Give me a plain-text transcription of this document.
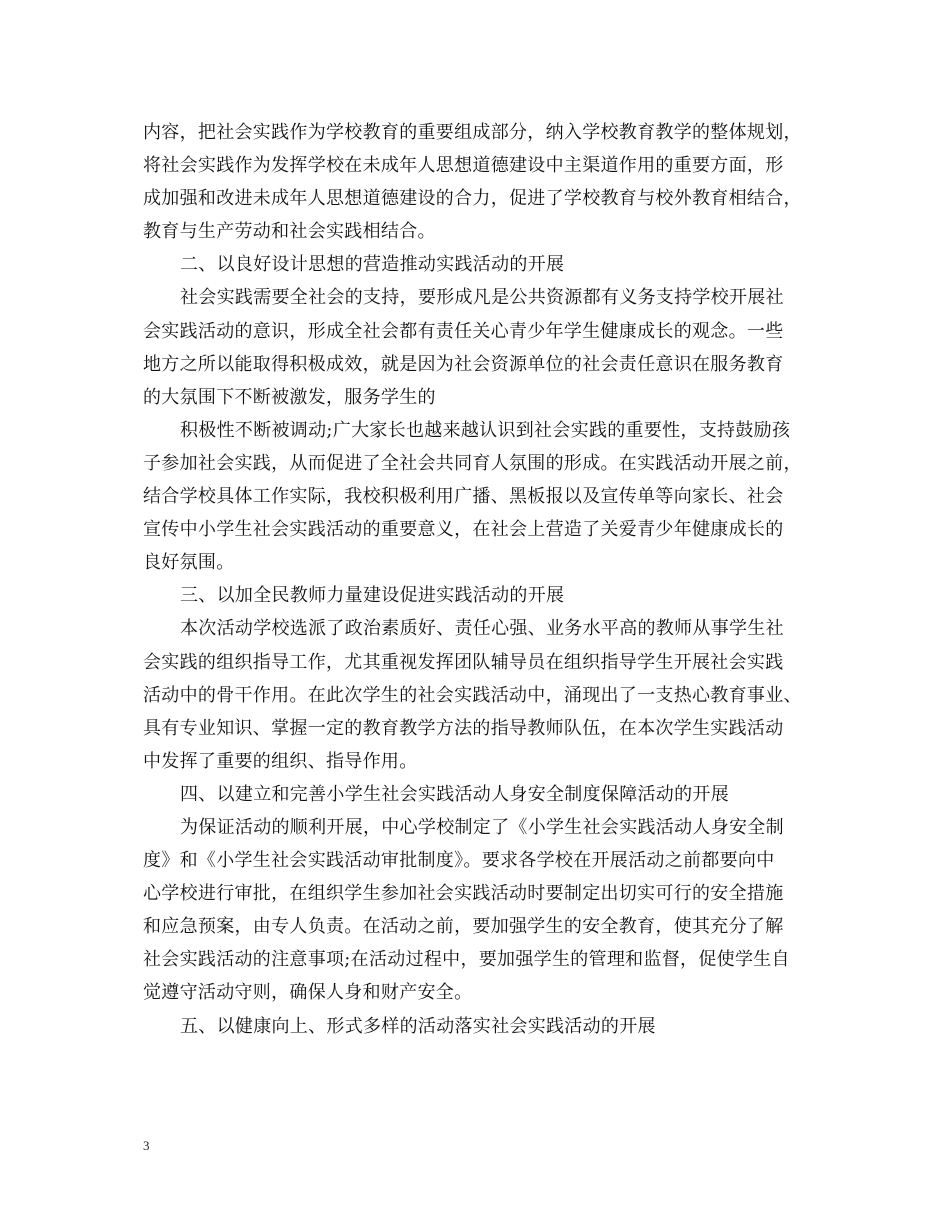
内容，把社会实践作为学校教育的重要组成部分，纳入学校教育教学的整体规划，
将社会实践作为发挥学校在未成年人思想道德建设中主渠道作用的重要方面，形
成加强和改进未成年人思想道德建设的合力，促进了学校教育与校外教育相结合，
教育与生产劳动和社会实践相结合。
二、以良好设计思想的营造推动实践活动的开展
社会实践需要全社会的支持，要形成凡是公共资源都有义务支持学校开展社
会实践活动的意识，形成全社会都有责任关心青少年学生健康成长的观念。一些
地方之所以能取得积极成效，就是因为社会资源单位的社会责任意识在服务教育
的大氛围下不断被激发，服务学生的
积极性不断被调动;广大家长也越来越认识到社会实践的重要性，支持鼓励孩
子参加社会实践，从而促进了全社会共同育人氛围的形成。在实践活动开展之前，
结合学校具体工作实际，我校积极利用广播、黑板报以及宣传单等向家长、社会
宣传中小学生社会实践活动的重要意义，在社会上营造了关爱青少年健康成长的
良好氛围。
三、以加全民教师力量建设促进实践活动的开展
本次活动学校选派了政治素质好、责任心强、业务水平高的教师从事学生社
会实践的组织指导工作，尤其重视发挥团队辅导员在组织指导学生开展社会实践
活动中的骨干作用。在此次学生的社会实践活动中，涌现出了一支热心教育事业、
具有专业知识、掌握一定的教育教学方法的指导教师队伍，在本次学生实践活动
中发挥了重要的组织、指导作用。
四、以建立和完善小学生社会实践活动人身安全制度保障活动的开展
为保证活动的顺利开展，中心学校制定了《小学生社会实践活动人身安全制
度》和《小学生社会实践活动审批制度》。要求各学校在开展活动之前都要向中
心学校进行审批，在组织学生参加社会实践活动时要制定出切实可行的安全措施
和应急预案，由专人负责。在活动之前，要加强学生的安全教育，使其充分了解
社会实践活动的注意事项;在活动过程中，要加强学生的管理和监督，促使学生自
觉遵守活动守则，确保人身和财产安全。
五、以健康向上、形式多样的活动落实社会实践活动的开展
3
